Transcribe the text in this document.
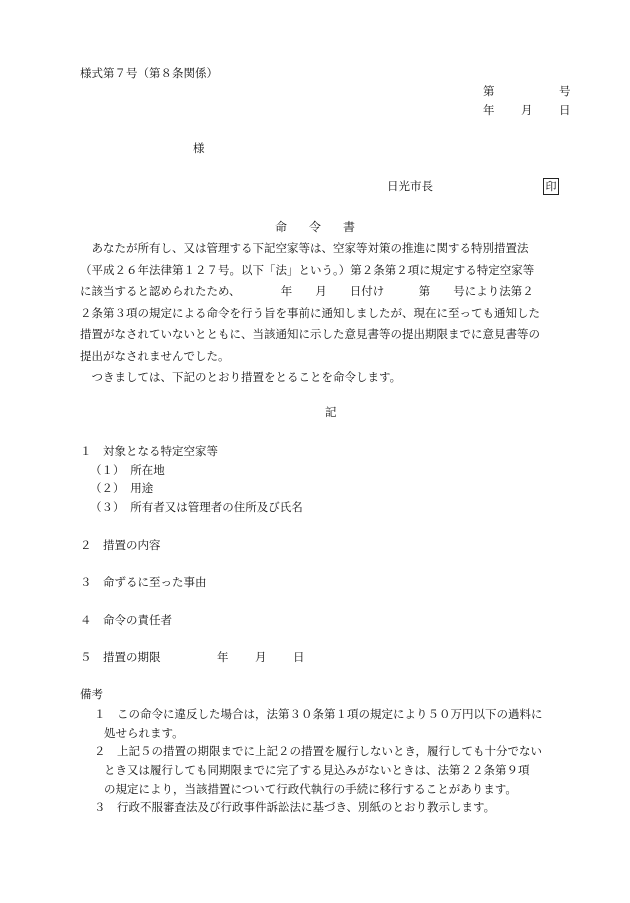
様式第７号（第８条関係）
第	号
年 月 日
様
日光市長	印
命令書
　あなたが所有し、又は管理する下記空家等は、空家等対策の推進に関する特別措置法
（平成２６年法律第１２７号。以下「法」という。）第２条第２項に規定する特定空家等
に該当すると認められたため、　　　　年　　月　　日付け　　　第　　号により法第２
２条第３項の規定による命令を行う旨を事前に通知しましたが、現在に至っても通知した
措置がなされていないとともに、当該通知に示した意見書等の提出期限までに意見書等の
提出がなされませんでした。
　つきましては、下記のとおり措置をとることを命令します。
記
１　対象となる特定空家等
（１）　所在地
（２）　用途
（３）　所有者又は管理者の住所及び氏名
２　措置の内容
３　命ずるに至った事由
４　命令の責任者
５　措置の期限	年 月 日
備考
１　この命令に違反した場合は，法第３０条第１項の規定により５０万円以下の過料に
処せられます。
２　上記５の措置の期限までに上記２の措置を履行しないとき，履行しても十分でない
とき又は履行しても同期限までに完了する見込みがないときは、法第２２条第９項
の規定により，当該措置について行政代執行の手続に移行することがあります。
３　行政不服審査法及び行政事件訴訟法に基づき、別紙のとおり教示します。
